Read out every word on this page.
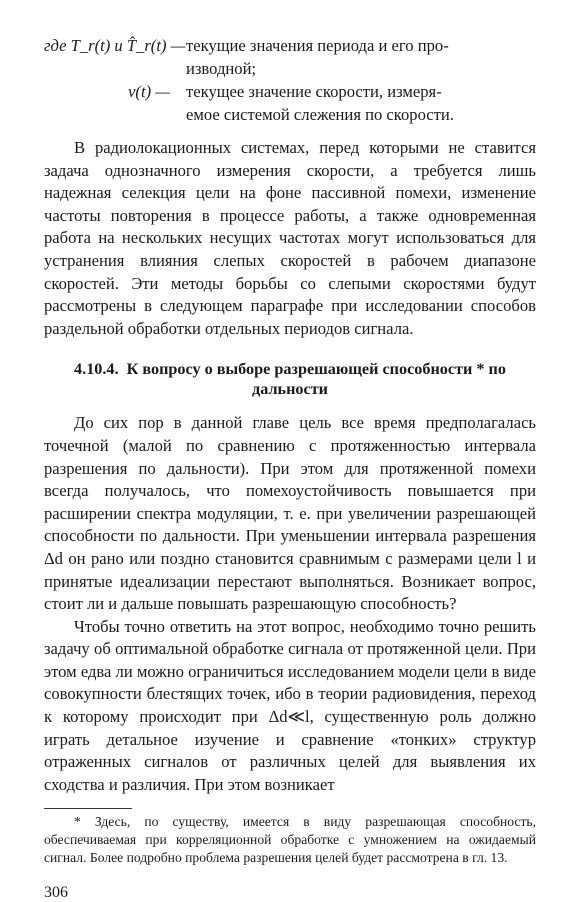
где T_r(t) и T̂_r(t) — текущие значения периода и его про-
изводной;
v(t) — текущее значение скорости, измеря-
емое системой слежения по скорости.

В радиолокационных системах, перед которыми не ставится задача однозначного измерения скорости, а требуется лишь надежная селекция цели на фоне пассивной помехи, изменение частоты повторения в процессе работы, а также одновременная работа на нескольких несущих частотах могут использоваться для устранения влияния слепых скоростей в рабочем диапазоне скоростей. Эти методы борьбы со слепыми скоростями будут рассмотрены в следующем параграфе при исследовании способов раздельной обработки отдельных периодов сигнала.

4.10.4. К вопросу о выборе разрешающей способности * по дальности

До сих пор в данной главе цель все время предполагалась точечной (малой по сравнению с протяженностью интервала разрешения по дальности). При этом для протяженной помехи всегда получалось, что помехоустойчивость повышается при расширении спектра модуляции, т. е. при увеличении разрешающей способности по дальности. При уменьшении интервала разрешения Δd он рано или поздно становится сравнимым с размерами цели l и принятые идеализации перестают выполняться. Возникает вопрос, стоит ли и дальше повышать разрешающую способность?

Чтобы точно ответить на этот вопрос, необходимо точно решить задачу об оптимальной обработке сигнала от протяженной цели. При этом едва ли можно ограничиться исследованием модели цели в виде совокупности блестящих точек, ибо в теории радиовидения, переход к которому происходит при Δd≪l, существенную роль должно играть детальное изучение и сравнение «тонких» структур отраженных сигналов от различных целей для выявления их сходства и различия. При этом возникает

* Здесь, по существу, имеется в виду разрешающая способность, обеспечиваемая при корреляционной обработке с умножением на ожидаемый сигнал. Более подробно проблема разрешения целей будет рассмотрена в гл. 13.

306
